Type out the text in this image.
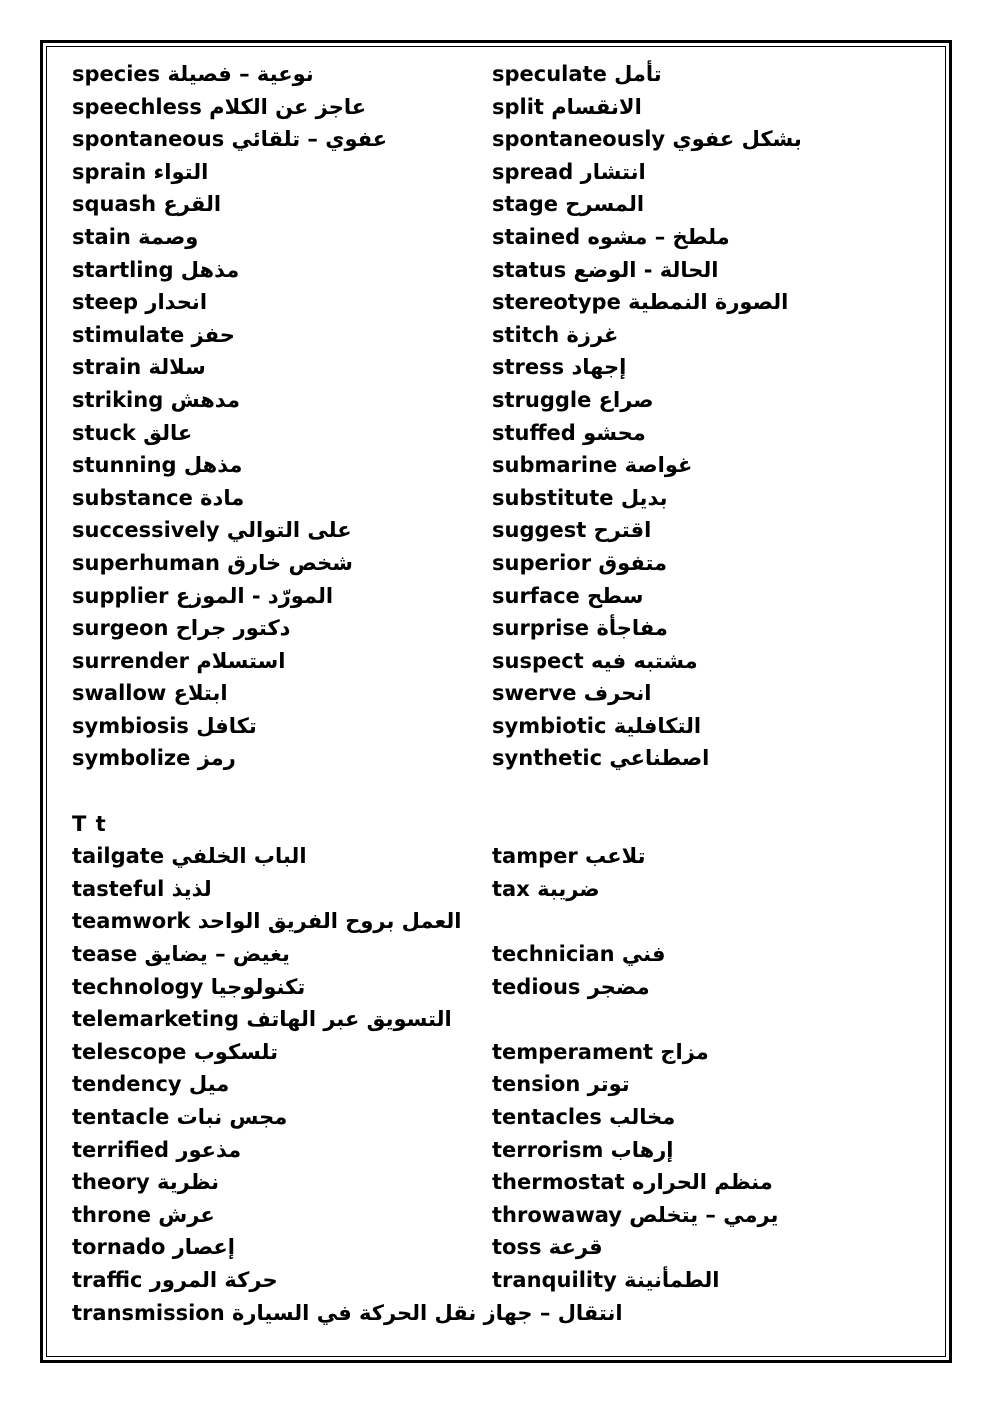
species نوعية – فصيلة	speculate تأمل
speechless عاجز عن الكلام	split الانقسام
spontaneous عفوي – تلقائي	spontaneously بشكل عفوي
sprain التواء	spread انتشار
squash القرع	stage المسرح
stain وصمة	stained ملطخ – مشوه
startling مذهل	status الحالة - الوضع
steep انحدار	stereotype الصورة النمطية
stimulate حفز	stitch غرزة
strain سلالة	stress إجهاد
striking مدهش	struggle صراع
stuck عالق	stuffed محشو
stunning مذهل	submarine غواصة
substance مادة	substitute بديل
successively على التوالي	suggest اقترح
superhuman شخص خارق	superior متفوق
supplier المورّد - الموزع	surface سطح
surgeon دكتور جراح	surprise مفاجأة
surrender استسلام	suspect مشتبه فيه
swallow ابتلاع	swerve انحرف
symbiosis تكافل	symbiotic التكافلية
symbolize رمز	synthetic اصطناعي
T t
tailgate الباب الخلفي	tamper تلاعب
tasteful لذيذ	tax ضريبة
teamwork العمل بروح الفريق الواحد
tease يغيض – يضايق	technician فني
technology تكنولوجيا	tedious مضجر
telemarketing التسويق عبر الهاتف
telescope تلسكوب	temperament مزاج
tendency ميل	tension توتر
tentacle مجس نبات	tentacles مخالب
terrified مذعور	terrorism إرهاب
theory نظرية	thermostat منظم الحراره
throne عرش	throwaway يرمي – يتخلص
tornado إعصار	toss قرعة
traffic حركة المرور	tranquility الطمأنينة
transmission انتقال – جهاز نقل الحركة في السيارة
